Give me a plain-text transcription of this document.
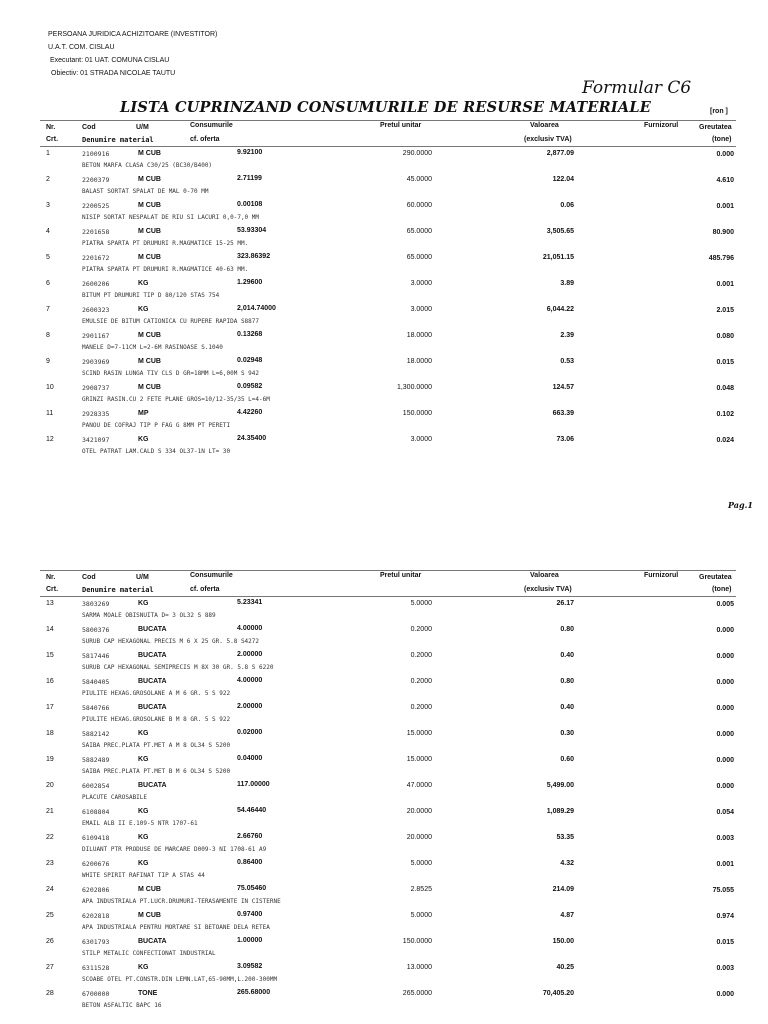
PERSOANA JURIDICA ACHIZITOARE (INVESTITOR)
U.A.T. COM. CISLAU
Executant: 01 UAT. COMUNA CISLAU
Obiectiv: 01 STRADA NICOLAE TAUTU
Formular C6
LISTA CUPRINZAND CONSUMURILE DE RESURSE MATERIALE	[ron ]
Nr.
Crt.
Cod
Denumire material
U/M	Consumurile
cf. oferta
Pretul unitar	Valoarea
(exclusiv TVA)
Furnizorul	Greutatea
(tone)
1	2100916	M CUB	9.92100	290.0000	2,877.09	0.000
BETON MARFA CLASA C30/25 (BC30/B400)
2	2200379	M CUB	2.71199	45.0000	122.04	4.610
BALAST SORTAT SPALAT DE MAL 0-70 MM
3	2200525	M CUB	0.00108	60.0000	0.06	0.001
NISIP SORTAT NESPALAT DE RIU SI LACURI 0,0-7,0 MM
4	2201658	M CUB	53.93304	65.0000	3,505.65	80.900
PIATRA SPARTA PT DRUMURI R.MAGMATICE 15-25 MM.
5	2201672	M CUB	323.86392	65.0000	21,051.15	485.796
PIATRA SPARTA PT DRUMURI R.MAGMATICE 40-63 MM.
6	2600206	KG	1.29600	3.0000	3.89	0.001
BITUM PT DRUMURI TIP D 80/120 STAS 754
7	2600323	KG	2,014.74000	3.0000	6,044.22	2.015
EMULSIE DE BITUM CATIONICA CU RUPERE RAPIDA S8877
8	2901167	M CUB	0.13268	18.0000	2.39	0.080
MANELE D=7-11CM L=2-6M RASINOASE S.1040
9	2903969	M CUB	0.02948	18.0000	0.53	0.015
SCIND RASIN LUNGA TIV CLS D GR=18MM L=6,00M S 942
10	2908737	M CUB	0.09582	1,300.0000	124.57	0.048
GRINZI RASIN.CU 2 FETE PLANE GROS=10/12-35/35 L=4-6M
11	2928335	MP	4.42260	150.0000	663.39	0.102
PANOU DE COFRAJ TIP P FAG G 8MM PT PERETI
12	3421097	KG	24.35400	3.0000	73.06	0.024
OTEL PATRAT LAM.CALD S 334 OL37-1N LT= 30
Pag.1
Nr.
Crt.
Cod
Denumire material
U/M	Consumurile
cf. oferta
Pretul unitar	Valoarea
(exclusiv TVA)
Furnizorul	Greutatea
(tone)
13	3803269	KG	5.23341	5.0000	26.17	0.005
SARMA MOALE OBISNUITA D= 3 OL32 S 889
14	5800376	BUCATA	4.00000	0.2000	0.80	0.000
SURUB CAP HEXAGONAL PRECIS M 6 X 25 GR. 5.8 S4272
15	5817446	BUCATA	2.00000	0.2000	0.40	0.000
SURUB CAP HEXAGONAL SEMIPRECIS M 8X 30 GR. 5.8 S 6220
16	5840405	BUCATA	4.00000	0.2000	0.80	0.000
PIULITE HEXAG.GROSOLANE A M 6 GR. 5 S 922
17	5840766	BUCATA	2.00000	0.2000	0.40	0.000
PIULITE HEXAG.GROSOLANE B M 8 GR. 5 S 922
18	5882142	KG	0.02000	15.0000	0.30	0.000
SAIBA PREC.PLATA PT.MET A M 8 OL34 S 5200
19	5882489	KG	0.04000	15.0000	0.60	0.000
SAIBA PREC.PLATA PT.MET B M 6 OL34 S 5200
20	6002854	BUCATA	117.00000	47.0000	5,499.00	0.000
PLACUTE CAROSABILE
21	6108804	KG	54.46440	20.0000	1,089.29	0.054
EMAIL ALB II E.109-5 NTR 1707-61
22	6109418	KG	2.66760	20.0000	53.35	0.003
DILUANT PTR PRODUSE DE MARCARE D009-3 NI 1708-61 A9
23	6200676	KG	0.86400	5.0000	4.32	0.001
WHITE SPIRIT RAFINAT TIP A STAS 44
24	6202806	M CUB	75.05460	2.8525	214.09	75.055
APA INDUSTRIALA PT.LUCR.DRUMURI-TERASAMENTE IN CISTERNE
25	6202818	M CUB	0.97400	5.0000	4.87	0.974
APA INDUSTRIALA PENTRU MORTARE SI BETOANE DELA RETEA
26	6301793	BUCATA	1.00000	150.0000	150.00	0.015
STILP METALIC CONFECTIONAT INDUSTRIAL
27	6311528	KG	3.09582	13.0000	40.25	0.003
SCOABE OTEL PT.CONSTR.DIN LEMN.LAT,65-90MM,L.200-300MM
28	6700000	TONE	265.68000	265.0000	70,405.20	0.000
BETON ASFALTIC BAPC 16
